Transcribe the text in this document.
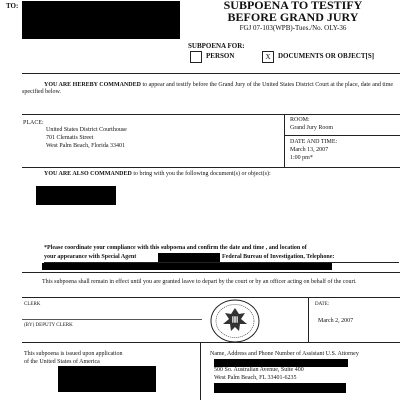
TO:	SUBPOENA TO TESTIFY
BEFORE GRAND JURY
FGJ 07-103(WPB)-Tues./No. OLY-36
SUBPOENA FOR:
PERSON	X	DOCUMENTS OR OBJECT[S]
YOU ARE HEREBY COMMANDED to appear and testify before the Grand Jury of the United States District Court at the place, date and time specified below.
PLACE:
United States District Courthouse
701 Clematis Street
West Palm Beach, Florida 33401
ROOM:
Grand Jury Room
DATE AND TIME:
March 13, 2007
1:00 pm*
YOU ARE ALSO COMMANDED to bring with you the following document(s) or object(s):
*Please coordinate your compliance with this subpoena and confirm the date and time , and location of
your appearance with Special Agent	Federal Bureau of Investigation, Telephone:
This subpoena shall remain in effect until you are granted leave to depart by the court or by an officer acting on behalf of the court.
CLERK
(BY) DEPUTY CLERK
DATE:
March 2, 2007
This subpoena is issued upon application
of the United States of America
Name, Address and Phone Number of Assistant U.S. Attorney
500 So. Australian Avenue, Suite 400
West Palm Beach, FL 33401-6235
